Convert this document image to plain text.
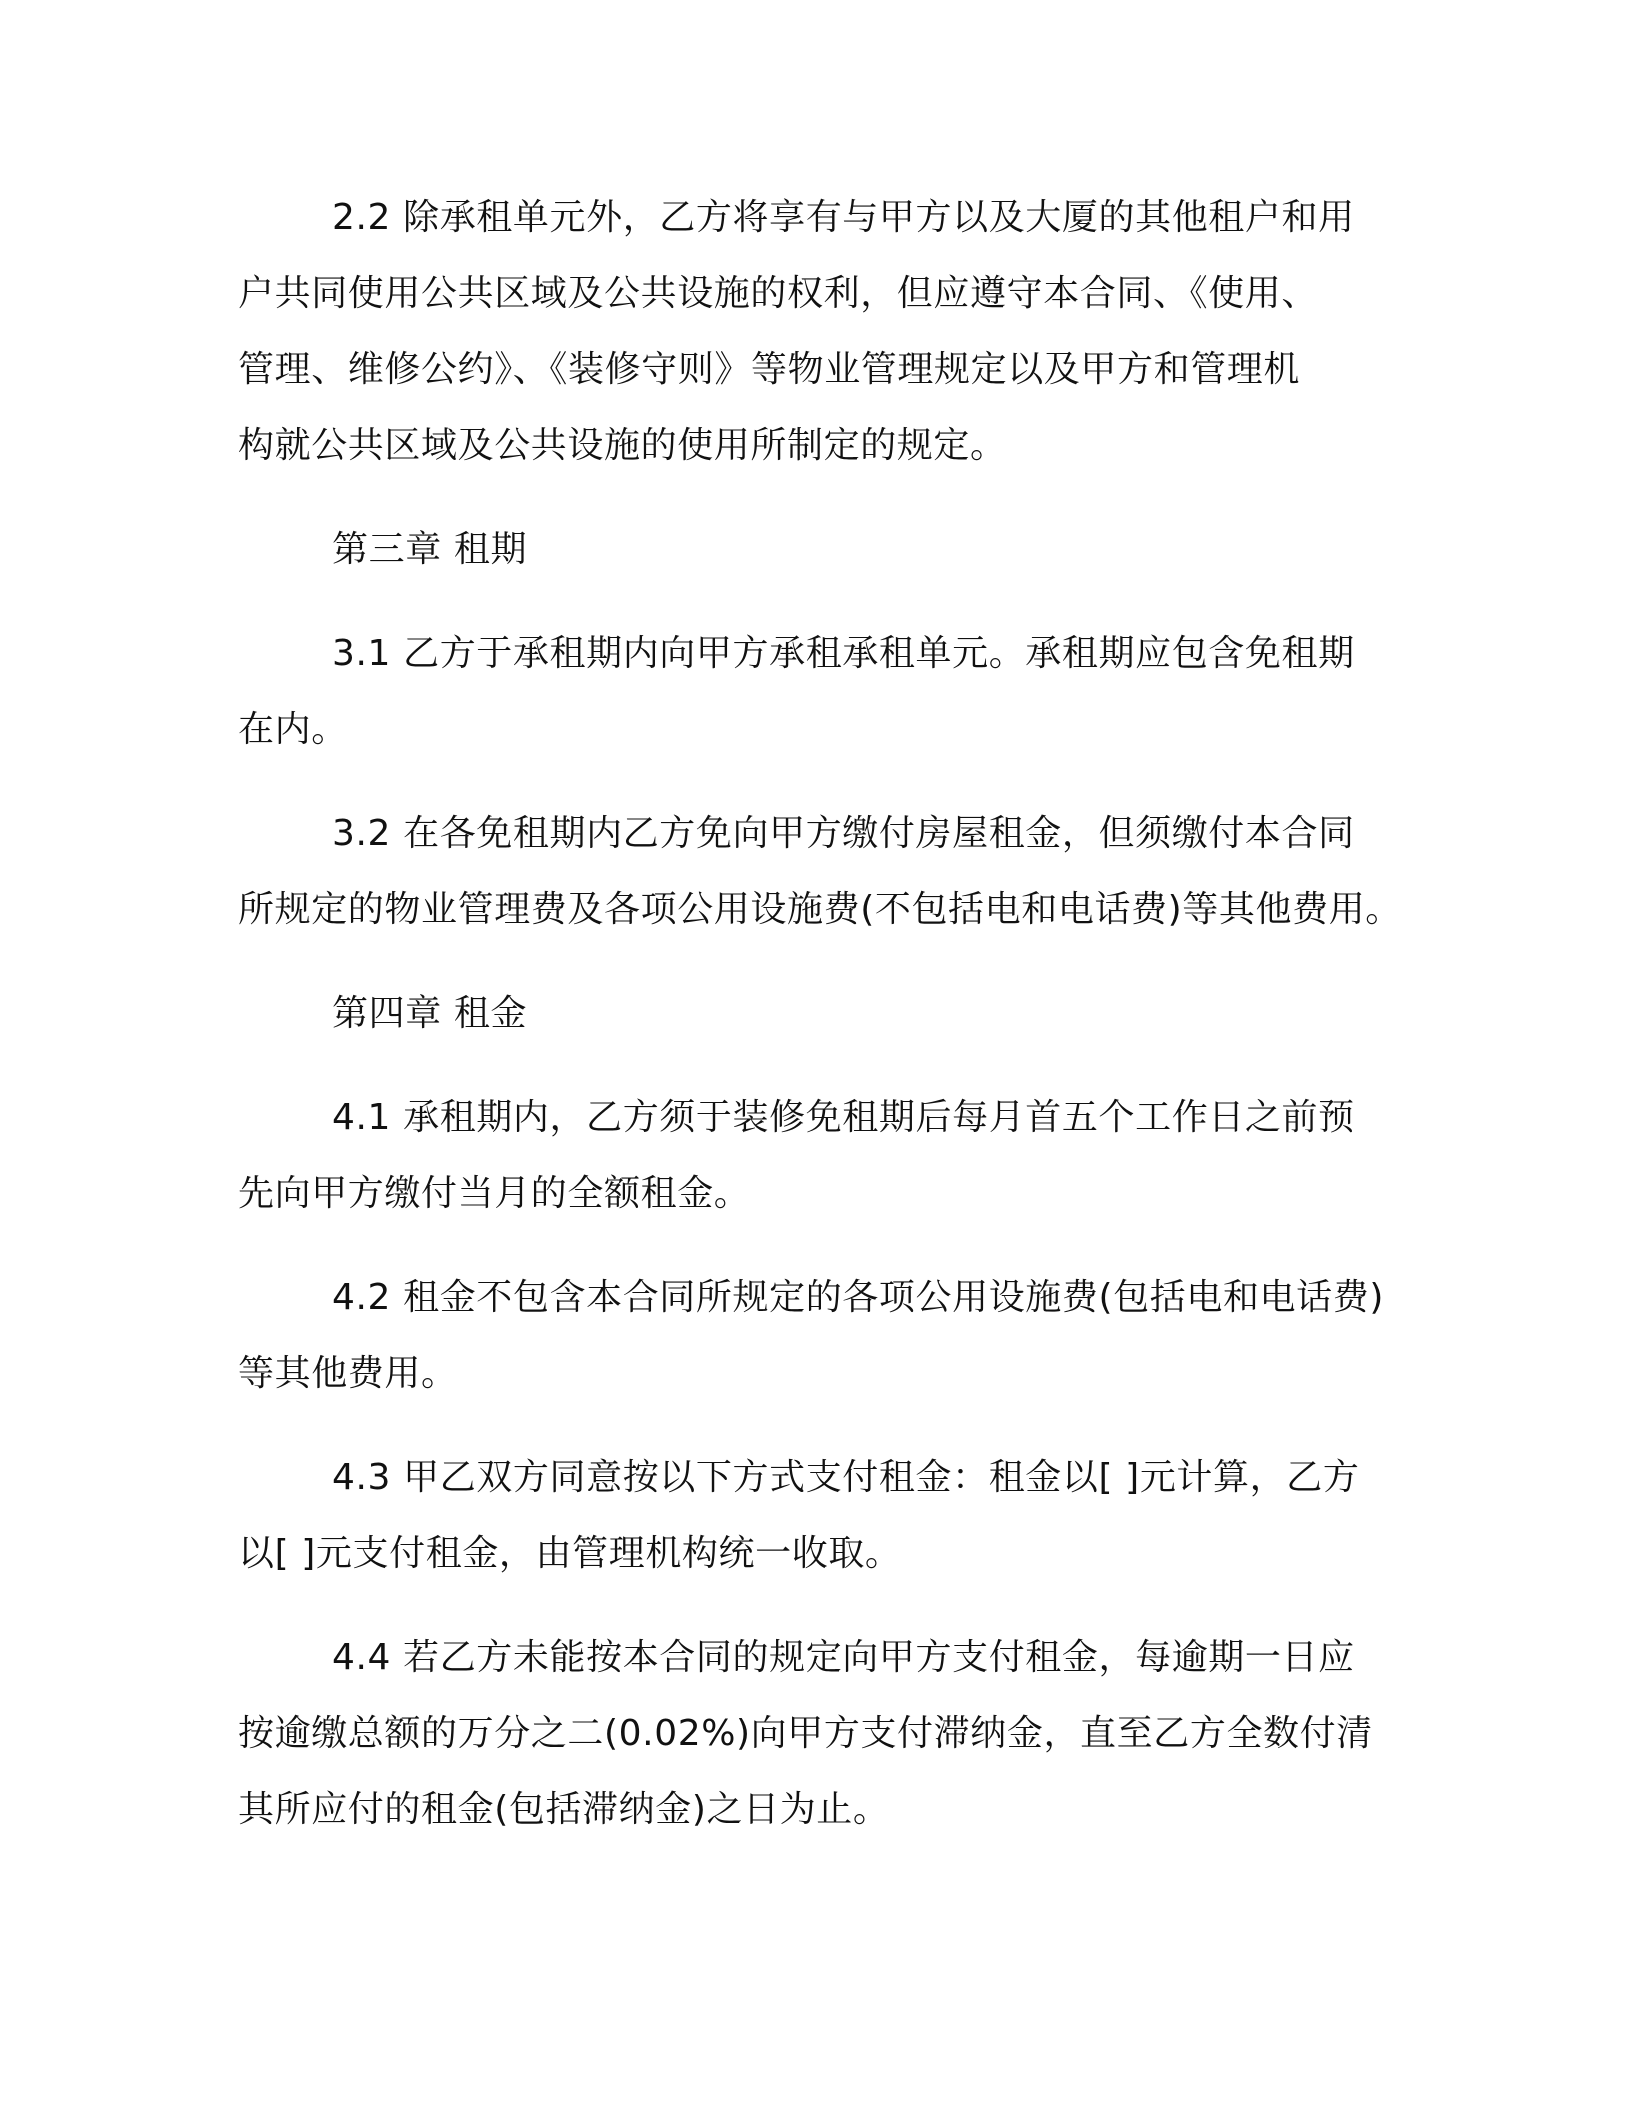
2.2 除承租单元外，乙方将享有与甲方以及大厦的其他租户和用

户共同使用公共区域及公共设施的权利，但应遵守本合同、《使用、

管理、维修公约》、《装修守则》等物业管理规定以及甲方和管理机

构就公共区域及公共设施的使用所制定的规定。

第三章 租期

3.1 乙方于承租期内向甲方承租承租单元。承租期应包含免租期

在内。

3.2 在各免租期内乙方免向甲方缴付房屋租金，但须缴付本合同

所规定的物业管理费及各项公用设施费(不包括电和电话费)等其他费用。

第四章 租金

4.1 承租期内，乙方须于装修免租期后每月首五个工作日之前预

先向甲方缴付当月的全额租金。

4.2 租金不包含本合同所规定的各项公用设施费(包括电和电话费)

等其他费用。

4.3 甲乙双方同意按以下方式支付租金：租金以[ ]元计算，乙方

以[ ]元支付租金，由管理机构统一收取。

4.4 若乙方未能按本合同的规定向甲方支付租金，每逾期一日应

按逾缴总额的万分之二(0.02%)向甲方支付滞纳金，直至乙方全数付清

其所应付的租金(包括滞纳金)之日为止。
